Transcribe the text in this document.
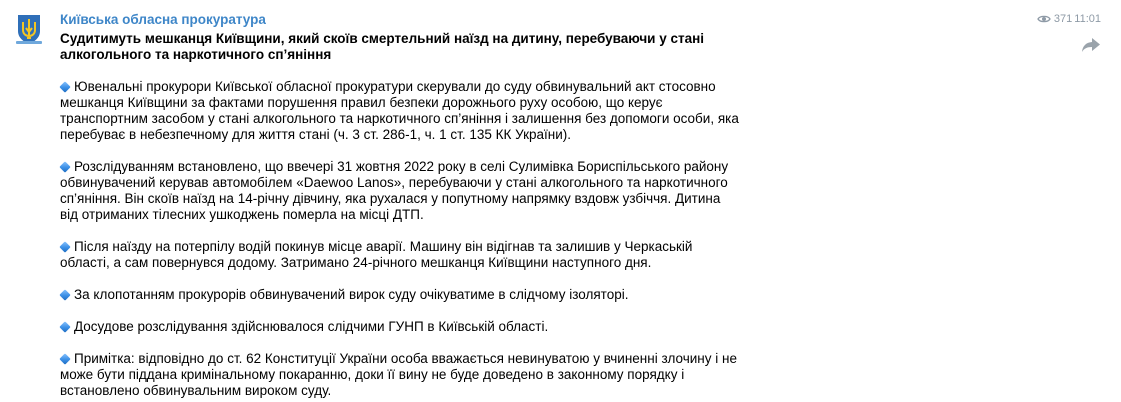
Київська обласна прокуратура
Судитимуть мешканця Київщини, який скоїв смертельний наїзд на дитину, перебуваючи у стані алкогольного та наркотичного сп’яніння
371 11:01

Ювенальні прокурори Київської обласної прокуратури скерували до суду обвинувальний акт стосовно мешканця Київщини за фактами порушення правил безпеки дорожнього руху особою, що керує транспортним засобом у стані алкогольного та наркотичного сп’яніння і залишення без допомоги особи, яка перебуває в небезпечному для життя стані (ч. 3 ст. 286-1, ч. 1 ст. 135 КК України).

Розслідуванням встановлено, що ввечері 31 жовтня 2022 року в селі Сулимівка Бориспільського району обвинувачений керував автомобілем «Daewoo Lanos», перебуваючи у стані алкогольного та наркотичного сп’яніння. Він скоїв наїзд на 14-річну дівчину, яка рухалася у попутному напрямку вздовж узбіччя. Дитина від отриманих тілесних ушкоджень померла на місці ДТП.

Після наїзду на потерпілу водій покинув місце аварії. Машину він відігнав та залишив у Черкаській області, а сам повернувся додому. Затримано 24-річного мешканця Київщини наступного дня.

За клопотанням прокурорів обвинувачений вирок суду очікуватиме в слідчому ізоляторі.

Досудове розслідування здійснювалося слідчими ГУНП в Київській області.

Примітка: відповідно до ст. 62 Конституції України особа вважається невинуватою у вчиненні злочину і не може бути піддана кримінальному покаранню, доки її вину не буде доведено в законному порядку і встановлено обвинувальним вироком суду.
